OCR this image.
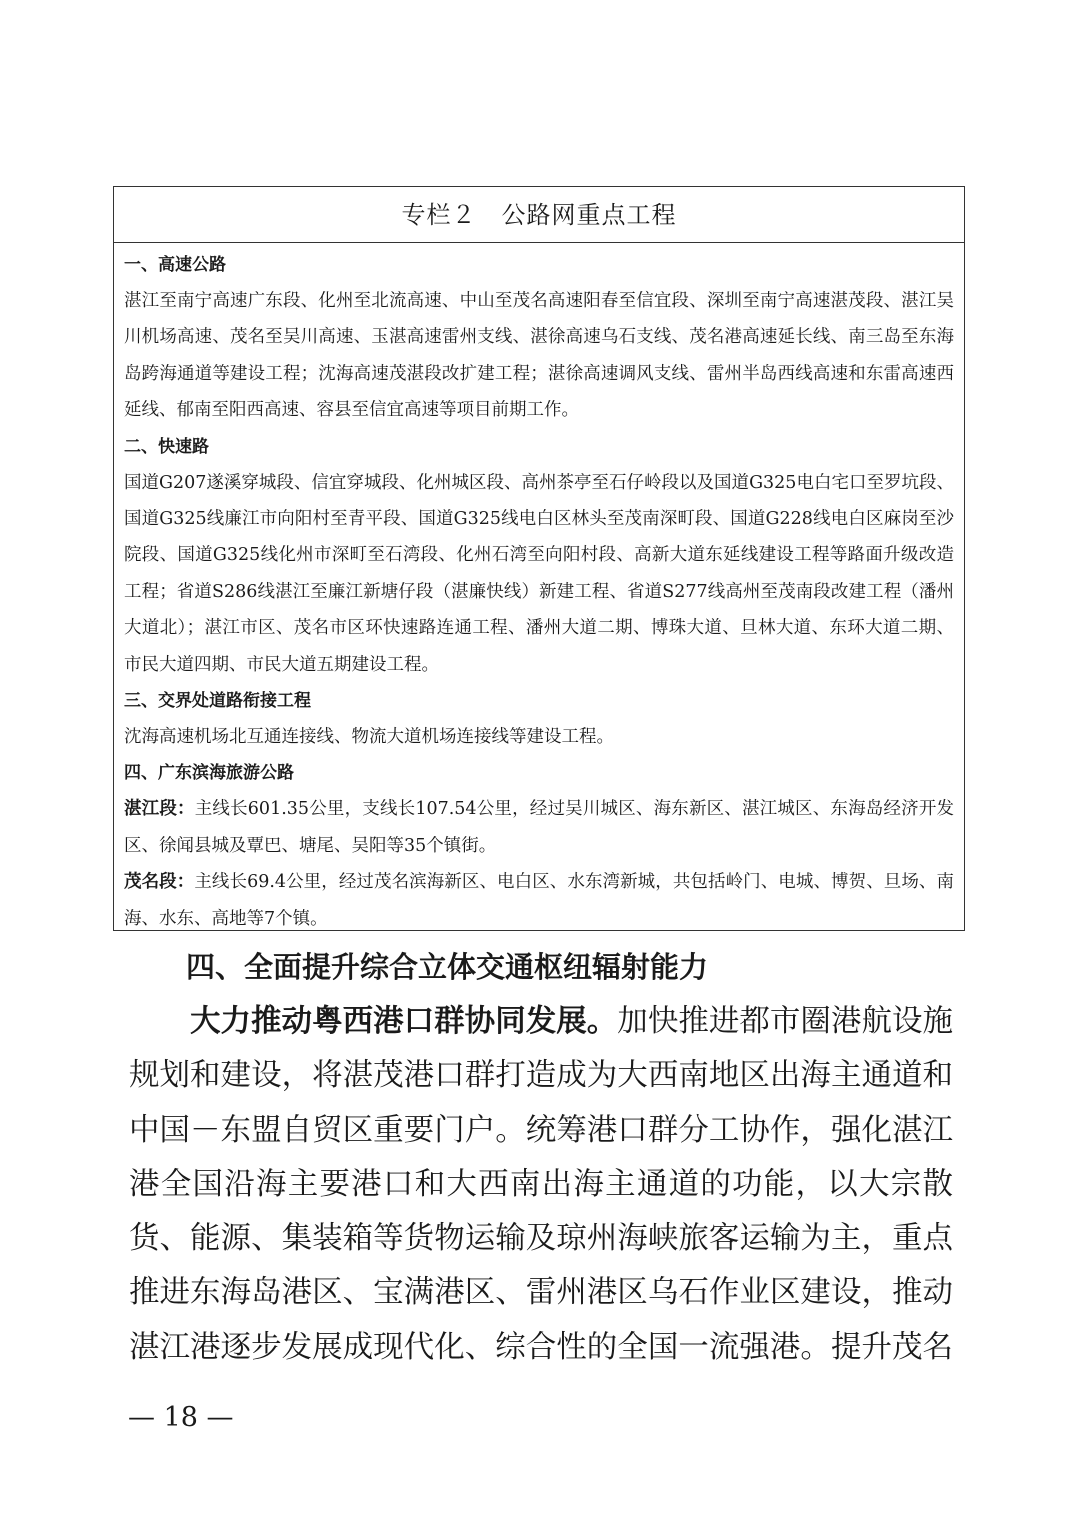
专栏２　公路网重点工程
一、高速公路
湛江至南宁高速广东段、化州至北流高速、中山至茂名高速阳春至信宜段、深圳至南宁高速湛茂段、湛江吴川机场高速、茂名至吴川高速、玉湛高速雷州支线、湛徐高速乌石支线、茂名港高速延长线、南三岛至东海岛跨海通道等建设工程；沈海高速茂湛段改扩建工程；湛徐高速调风支线、雷州半岛西线高速和东雷高速西延线、郁南至阳西高速、容县至信宜高速等项目前期工作。
二、快速路
国道G207遂溪穿城段、信宜穿城段、化州城区段、高州茶亭至石仔岭段以及国道G325电白宅口至罗坑段、国道G325线廉江市向阳村至青平段、国道G325线电白区林头至茂南深町段、国道G228线电白区麻岗至沙院段、国道G325线化州市深町至石湾段、化州石湾至向阳村段、高新大道东延线建设工程等路面升级改造工程；省道S286线湛江至廉江新塘仔段（湛廉快线）新建工程、省道S277线高州至茂南段改建工程（潘州大道北）；湛江市区、茂名市区环快速路连通工程、潘州大道二期、博珠大道、旦林大道、东环大道二期、市民大道四期、市民大道五期建设工程。
三、交界处道路衔接工程
沈海高速机场北互通连接线、物流大道机场连接线等建设工程。
四、广东滨海旅游公路
湛江段：主线长601.35公里，支线长107.54公里，经过吴川城区、海东新区、湛江城区、东海岛经济开发区、徐闻县城及覃巴、塘尾、吴阳等35个镇街。
茂名段：主线长69.4公里，经过茂名滨海新区、电白区、水东湾新城，共包括岭门、电城、博贺、旦场、南海、水东、高地等7个镇。
四、全面提升综合立体交通枢纽辐射能力
大力推动粤西港口群协同发展。加快推进都市圈港航设施规划和建设，将湛茂港口群打造成为大西南地区出海主通道和中国－东盟自贸区重要门户。统筹港口群分工协作，强化湛江港全国沿海主要港口和大西南出海主通道的功能，以大宗散货、能源、集装箱等货物运输及琼州海峡旅客运输为主，重点推进东海岛港区、宝满港区、雷州港区乌石作业区建设，推动湛江港逐步发展成现代化、综合性的全国一流强港。提升茂名
— 18 —
